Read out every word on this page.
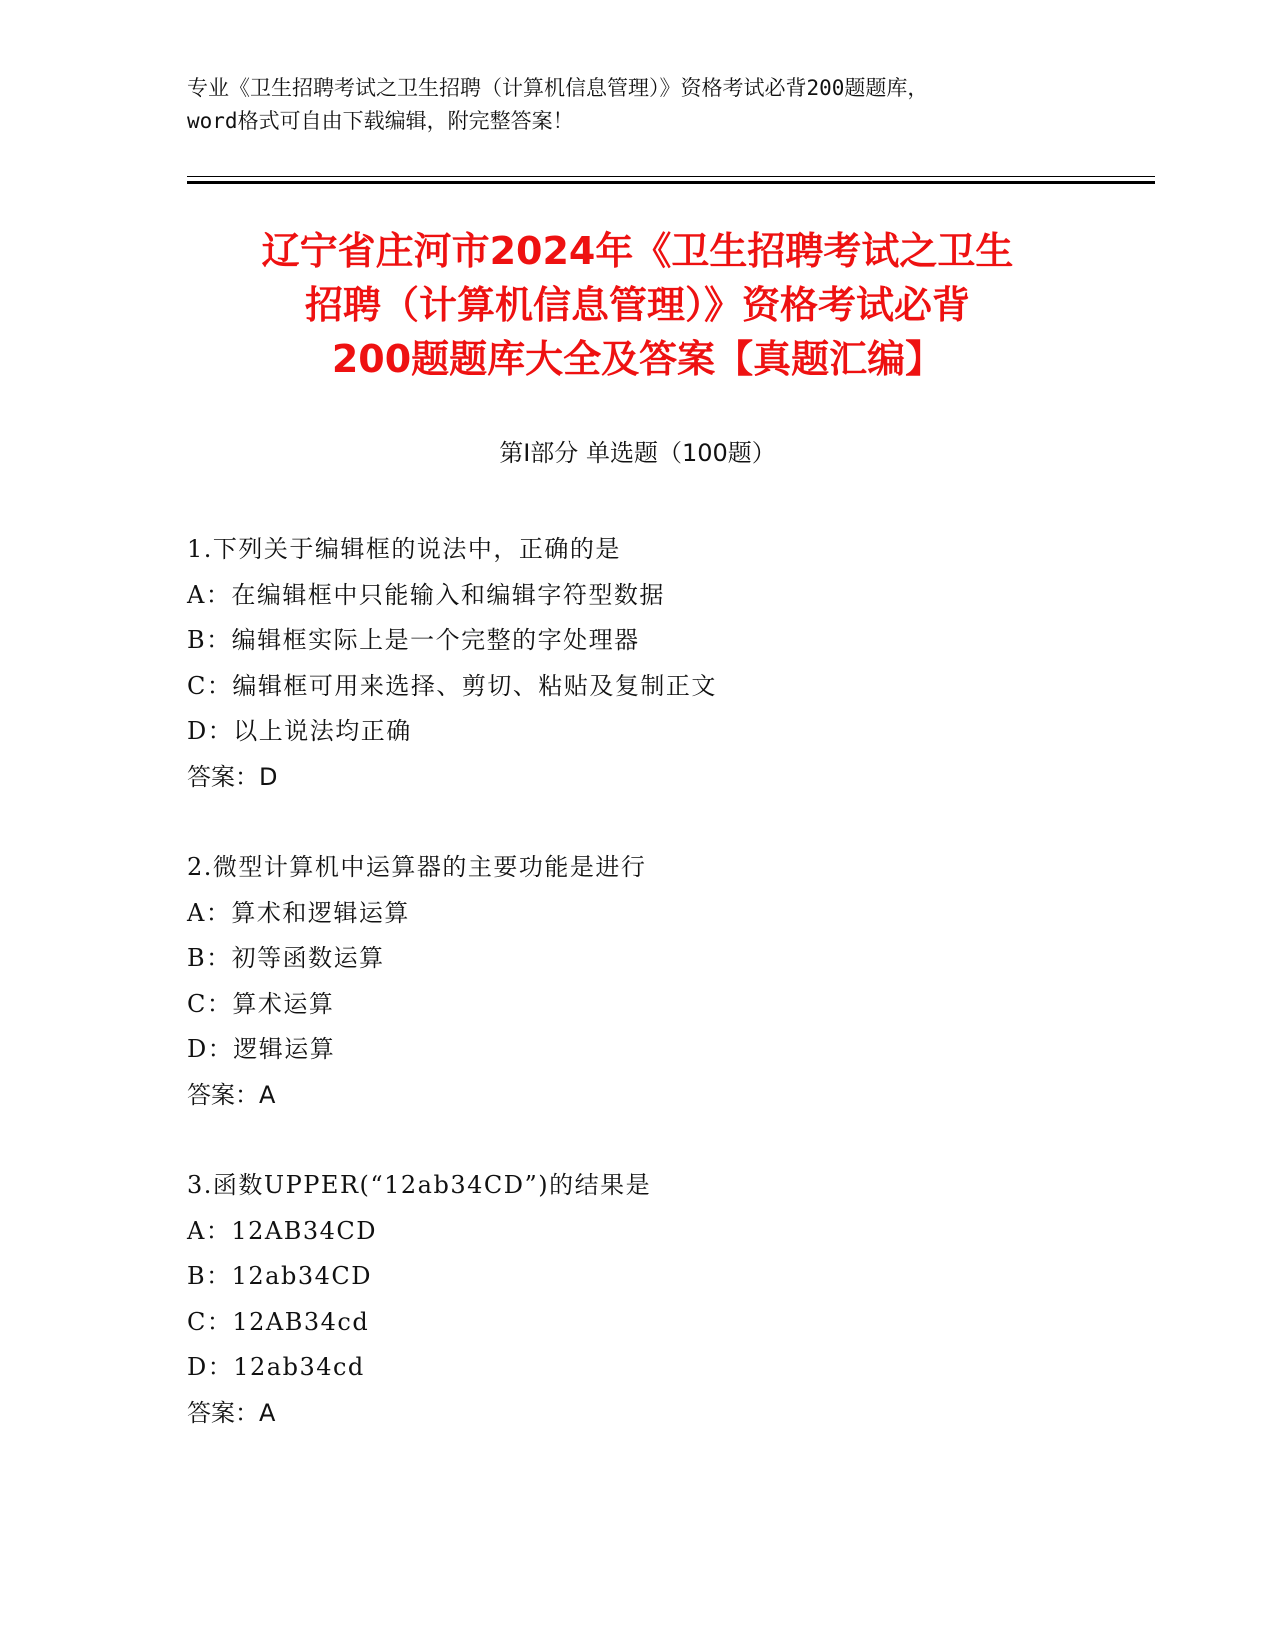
专业《卫生招聘考试之卫生招聘（计算机信息管理）》资格考试必背200题题库，
word格式可自由下载编辑，附完整答案！
辽宁省庄河市2024年《卫生招聘考试之卫生
招聘（计算机信息管理）》资格考试必背
200题题库大全及答案【真题汇编】
第Ⅰ部分 单选题（100题）
1.下列关于编辑框的说法中，正确的是
A：在编辑框中只能输入和编辑字符型数据
B：编辑框实际上是一个完整的字处理器
C：编辑框可用来选择、剪切、粘贴及复制正文
D：以上说法均正确
答案：D
2.微型计算机中运算器的主要功能是进行
A：算术和逻辑运算
B：初等函数运算
C：算术运算
D：逻辑运算
答案：A
3.函数UPPER(“12ab34CD”)的结果是
A：12AB34CD
B：12ab34CD
C：12AB34cd
D：12ab34cd
答案：A
